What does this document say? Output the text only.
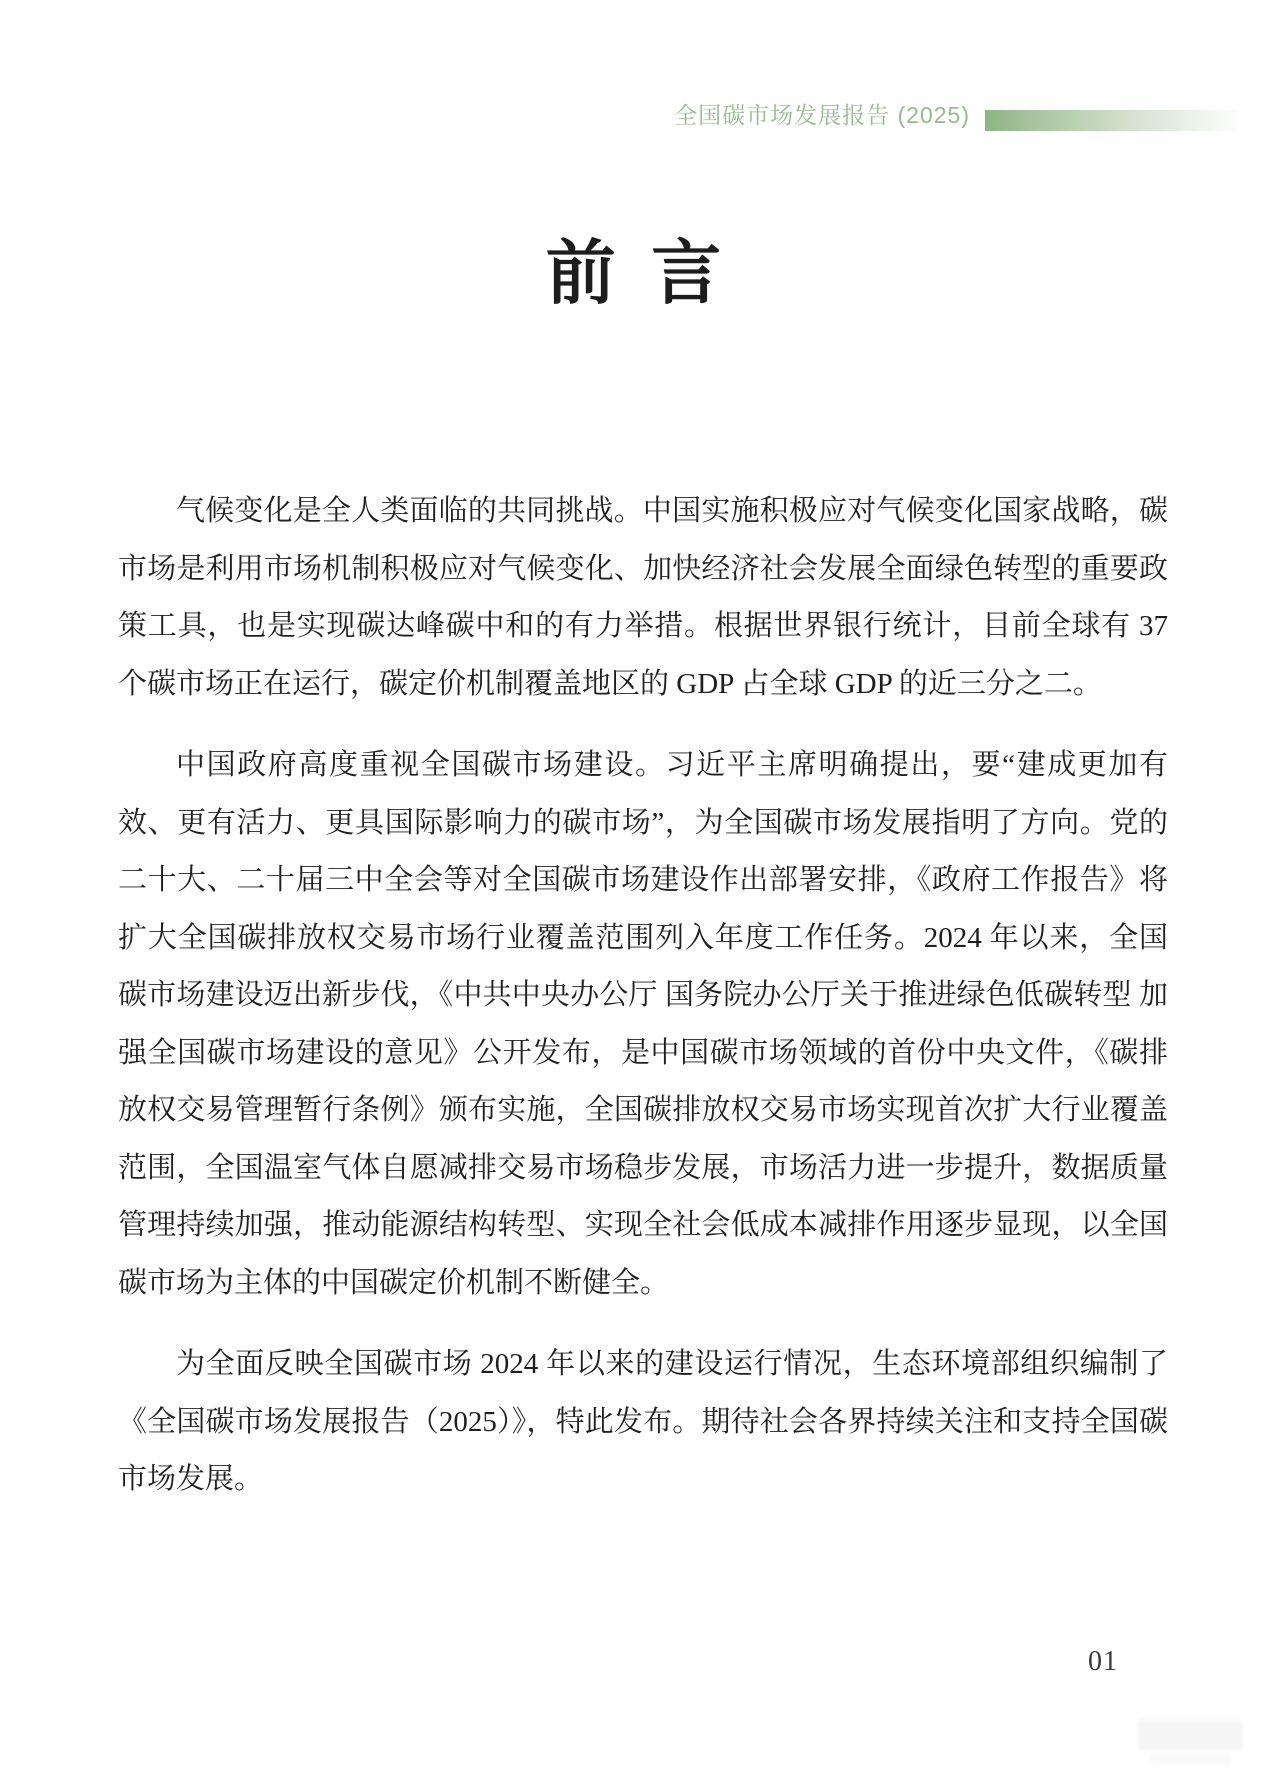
全国碳市场发展报告 (2025)
前 言

气候变化是全人类面临的共同挑战。中国实施积极应对气候变化国家战略，碳市场是利用市场机制积极应对气候变化、加快经济社会发展全面绿色转型的重要政策工具，也是实现碳达峰碳中和的有力举措。根据世界银行统计，目前全球有 37 个碳市场正在运行，碳定价机制覆盖地区的 GDP 占全球 GDP 的近三分之二。

中国政府高度重视全国碳市场建设。习近平主席明确提出，要“建成更加有效、更有活力、更具国际影响力的碳市场”，为全国碳市场发展指明了方向。党的二十大、二十届三中全会等对全国碳市场建设作出部署安排，《政府工作报告》将扩大全国碳排放权交易市场行业覆盖范围列入年度工作任务。2024 年以来，全国碳市场建设迈出新步伐，《中共中央办公厅 国务院办公厅关于推进绿色低碳转型 加强全国碳市场建设的意见》公开发布，是中国碳市场领域的首份中央文件，《碳排放权交易管理暂行条例》颁布实施，全国碳排放权交易市场实现首次扩大行业覆盖范围，全国温室气体自愿减排交易市场稳步发展，市场活力进一步提升，数据质量管理持续加强，推动能源结构转型、实现全社会低成本减排作用逐步显现，以全国碳市场为主体的中国碳定价机制不断健全。

为全面反映全国碳市场 2024 年以来的建设运行情况，生态环境部组织编制了《全国碳市场发展报告（2025）》，特此发布。期待社会各界持续关注和支持全国碳市场发展。

01
